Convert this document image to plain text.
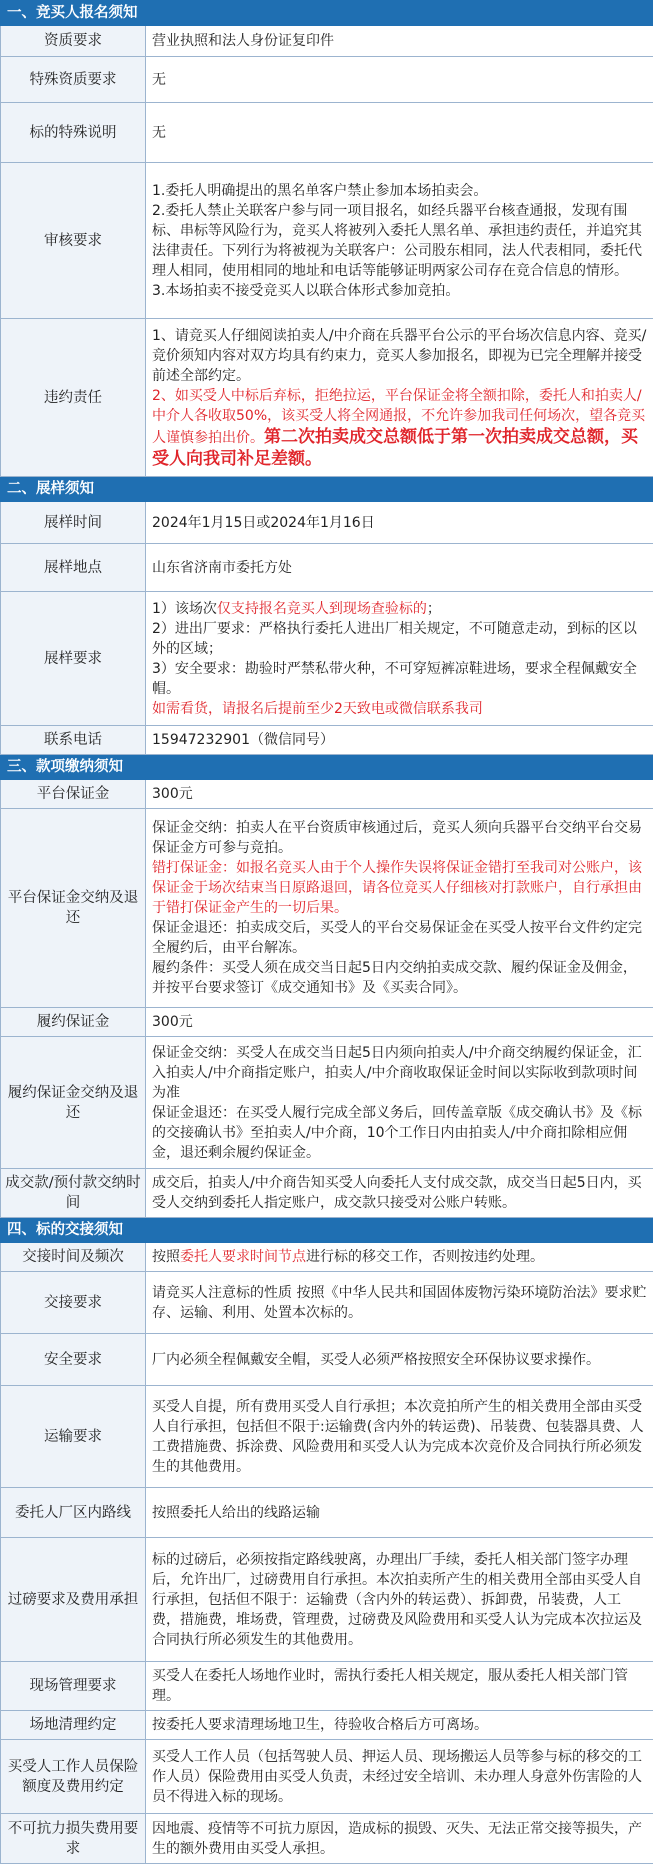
一、竞买人报名须知	
资质要求	营业执照和法人身份证复印件
特殊资质要求	无
标的特殊说明	无
审核要求	1.委托人明确提出的黑名单客户禁止参加本场拍卖会。
2.委托人禁止关联客户参与同一项目报名，如经兵器平台核查通报，发现有围标、串标等风险行为，竞买人将被列入委托人黑名单、承担违约责任，并追究其法律责任。下列行为将被视为关联客户：公司股东相同，法人代表相同，委托代理人相同，使用相同的地址和电话等能够证明两家公司存在竞合信息的情形。
3.本场拍卖不接受竞买人以联合体形式参加竞拍。

违约责任	1、请竞买人仔细阅读拍卖人/中介商在兵器平台公示的平台场次信息内容、竞买/竞价须知内容对双方均具有约束力，竞买人参加报名，即视为已完全理解并接受前述全部约定。
2、如买受人中标后弃标，拒绝拉运，平台保证金将全额扣除，委托人和拍卖人/中介人各收取50%，该买受人将全网通报，不允许参加我司任何场次，望各竞买人谨慎参拍出价。第二次拍卖成交总额低于第一次拍卖成交总额，买受人向我司补足差额。
二、展样须知	
展样时间	2024年1月15日或2024年1月16日
展样地点	山东省济南市委托方处
展样要求	1）该场次仅支持报名竞买人到现场查验标的；
2）进出厂要求：严格执行委托人进出厂相关规定，不可随意走动，到标的区以外的区域；
3）安全要求：勘验时严禁私带火种，不可穿短裤凉鞋进场，要求全程佩戴安全帽。
如需看货，请报名后提前至少2天致电或微信联系我司

联系电话	15947232901（微信同号）
三、款项缴纳须知	
平台保证金	300元
平台保证金交纳及退还	保证金交纳：拍卖人在平台资质审核通过后，竞买人须向兵器平台交纳平台交易保证金方可参与竞拍。
错打保证金：如报名竞买人由于个人操作失误将保证金错打至我司对公账户，该保证金于场次结束当日原路退回，请各位竞买人仔细核对打款账户，自行承担由于错打保证金产生的一切后果。
保证金退还：拍卖成交后，买受人的平台交易保证金在买受人按平台文件约定完全履约后，由平台解冻。
履约条件：买受人须在成交当日起5日内交纳拍卖成交款、履约保证金及佣金，并按平台要求签订《成交通知书》及《买卖合同》。

履约保证金	300元
履约保证金交纳及退还	保证金交纳：买受人在成交当日起5日内须向拍卖人/中介商交纳履约保证金，汇入拍卖人/中介商指定账户，拍卖人/中介商收取保证金时间以实际收到款项时间为准
保证金退还：在买受人履行完成全部义务后，回传盖章版《成交确认书》及《标的交接确认书》至拍卖人/中介商，10个工作日内由拍卖人/中介商扣除相应佣金，退还剩余履约保证金。

成交款/预付款交纳时间	成交后，拍卖人/中介商告知买受人向委托人支付成交款，成交当日起5日内，买受人交纳到委托人指定账户，成交款只接受对公账户转账。
四、标的交接须知	
交接时间及频次	按照委托人要求时间节点进行标的移交工作，否则按违约处理。
交接要求	请竞买人注意标的性质 按照《中华人民共和国固体废物污染环境防治法》要求贮存、运输、利用、处置本次标的。
安全要求	厂内必须全程佩戴安全帽，买受人必须严格按照安全环保协议要求操作。
运输要求	买受人自提，所有费用买受人自行承担；本次竞拍所产生的相关费用全部由买受人自行承担，包括但不限于:运输费(含内外的转运费)、吊装费、包装器具费、人工费措施费、拆涂费、风险费用和买受人认为完成本次竞价及合同执行所必须发生的其他费用。
委托人厂区内路线	按照委托人给出的线路运输
过磅要求及费用承担	标的过磅后，必须按指定路线驶离，办理出厂手续，委托人相关部门签字办理后，允许出厂，过磅费用自行承担。本次拍卖所产生的相关费用全部由买受人自行承担，包括但不限于：运输费（含内外的转运费）、拆卸费，吊装费，人工费，措施费，堆场费，管理费，过磅费及风险费用和买受人认为完成本次拉运及合同执行所必须发生的其他费用。
现场管理要求	买受人在委托人场地作业时，需执行委托人相关规定，服从委托人相关部门管理。
场地清理约定	按委托人要求清理场地卫生，待验收合格后方可离场。
买受人工作人员保险额度及费用约定	买受人工作人员（包括驾驶人员、押运人员、现场搬运人员等参与标的移交的工作人员）保险费用由买受人负责，未经过安全培训、未办理人身意外伤害险的人员不得进入标的现场。
不可抗力损失费用要求	因地震、疫情等不可抗力原因，造成标的损毁、灭失、无法正常交接等损失，产生的额外费用由买受人承担。
